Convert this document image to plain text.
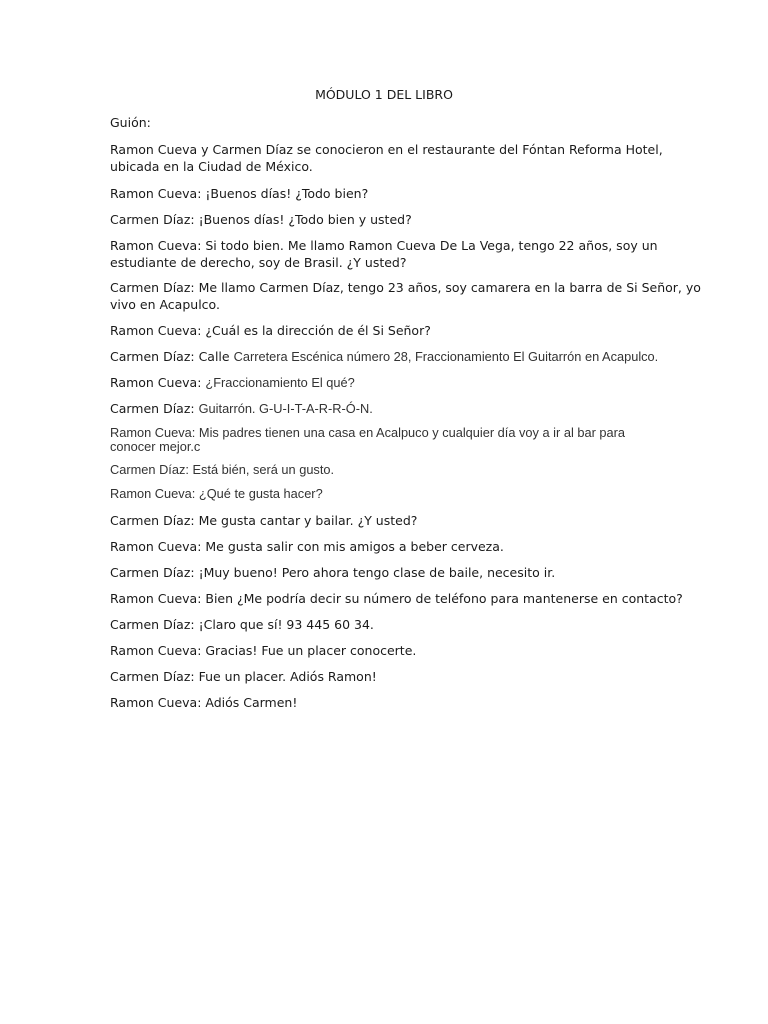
MÓDULO 1 DEL LIBRO
Guión:
Ramon Cueva y Carmen Díaz se conocieron en el restaurante del Fóntan Reforma Hotel,
ubicada en la Ciudad de México.
Ramon Cueva: ¡Buenos días! ¿Todo bien?
Carmen Díaz: ¡Buenos días! ¿Todo bien y usted?
Ramon Cueva: Si todo bien. Me llamo Ramon Cueva De La Vega, tengo 22 años, soy un
estudiante de derecho, soy de Brasil. ¿Y usted?
Carmen Díaz: Me llamo Carmen Díaz, tengo 23 años, soy camarera en la barra de Si Señor, yo
vivo en Acapulco.
Ramon Cueva: ¿Cuál es la dirección de él Si Señor?
Carmen Díaz: Calle Carretera Escénica número 28, Fraccionamiento El Guitarrón en Acapulco.
Ramon Cueva: ¿Fraccionamiento El qué?
Carmen Díaz: Guitarrón. G-U-I-T-A-R-R-Ó-N.
Ramon Cueva: Mis padres tienen una casa en Acalpuco y cualquier día voy a ir al bar para
conocer mejor.c
Carmen Díaz: Está bién, será un gusto.
Ramon Cueva: ¿Qué te gusta hacer?
Carmen Díaz: Me gusta cantar y bailar. ¿Y usted?
Ramon Cueva: Me gusta salir con mis amigos a beber cerveza.
Carmen Díaz: ¡Muy bueno! Pero ahora tengo clase de baile, necesito ir.
Ramon Cueva: Bien ¿Me podría decir su número de teléfono para mantenerse en contacto?
Carmen Díaz: ¡Claro que sí! 93 445 60 34.
Ramon Cueva: Gracias! Fue un placer conocerte.
Carmen Díaz: Fue un placer. Adiós Ramon!
Ramon Cueva: Adiós Carmen!
